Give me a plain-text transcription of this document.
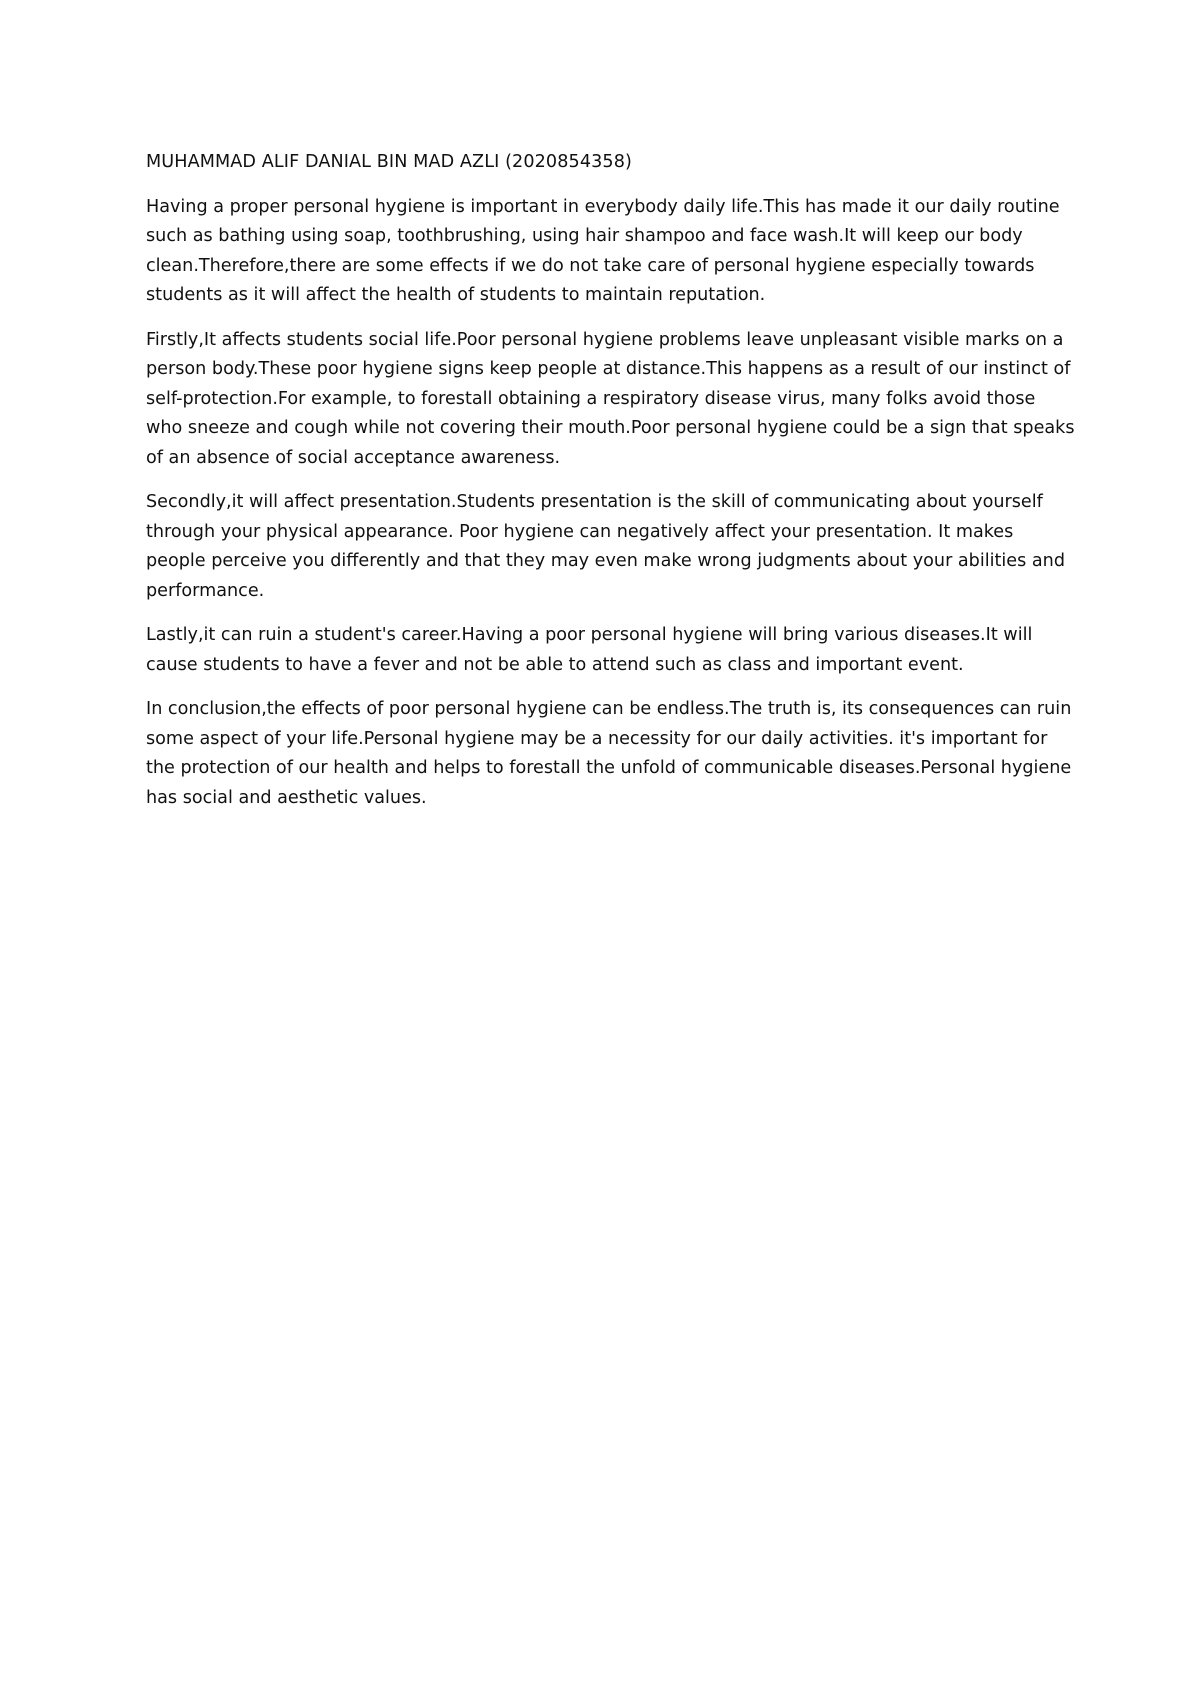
MUHAMMAD ALIF DANIAL BIN MAD AZLI (2020854358)

Having a proper personal hygiene is important in everybody daily life.This has made it our daily routine such as bathing using soap, toothbrushing, using hair shampoo and face wash.It will keep our body clean.Therefore,there are some effects if we do not take care of personal hygiene especially towards students as it will affect the health of students to maintain reputation.

Firstly,It affects students social life.Poor personal hygiene problems leave unpleasant visible marks on a person body.These poor hygiene signs keep people at distance.This happens as a result of our instinct of self-protection.For example, to forestall obtaining a respiratory disease virus, many folks avoid those who sneeze and cough while not covering their mouth.Poor personal hygiene could be a sign that speaks of an absence of social acceptance awareness.

Secondly,it will affect presentation.Students presentation is the skill of communicating about yourself through your physical appearance. Poor hygiene can negatively affect your presentation. It makes people perceive you differently and that they may even make wrong judgments about your abilities and performance.

Lastly,it can ruin a student's career.Having a poor personal hygiene will bring various diseases.It will cause students to have a fever and not be able to attend such as class and important event.

In conclusion,the effects of poor personal hygiene can be endless.The truth is, its consequences can ruin some aspect of your life.Personal hygiene may be a necessity for our daily activities. it's important for the protection of our health and helps to forestall the unfold of communicable diseases.Personal hygiene has social and aesthetic values.
